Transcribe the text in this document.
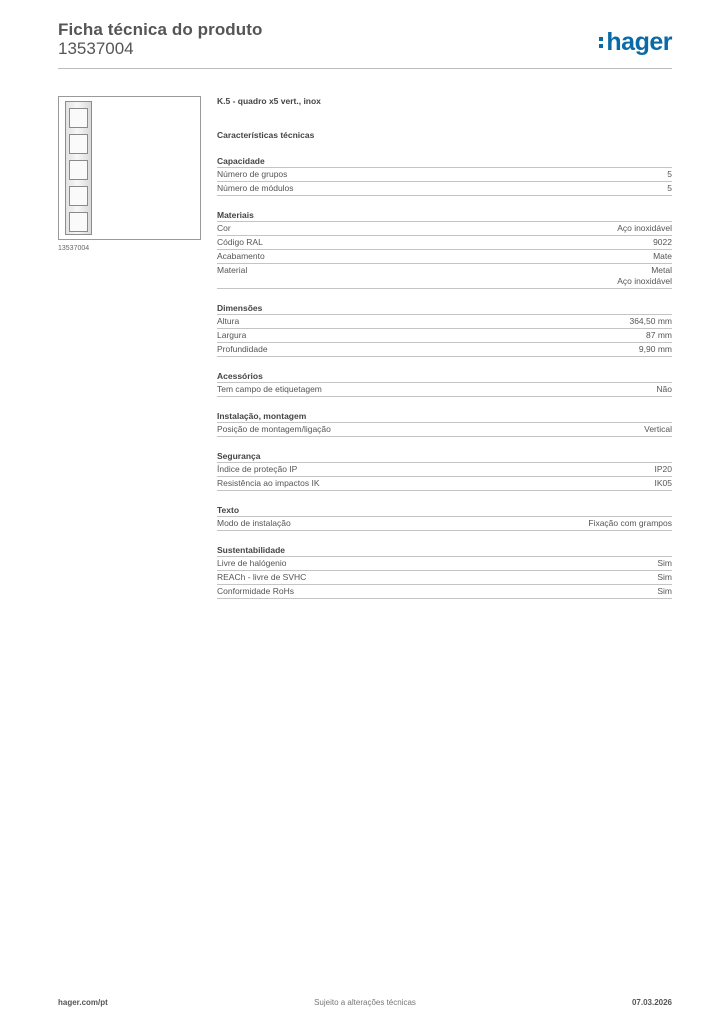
Ficha técnica do produto
13537004	hager
13537004
K.5 - quadro x5 vert., inox
Características técnicas
Capacidade
Número de grupos	5
Número de módulos	5
Materiais
Cor	Aço inoxidável
Código RAL	9022
Acabamento	Mate
Material	Metal
Aço inoxidável
Dimensões
Altura	364,50 mm
Largura	87 mm
Profundidade	9,90 mm
Acessórios
Tem campo de etiquetagem	Não
Instalação, montagem
Posição de montagem/ligação	Vertical
Segurança
Índice de proteção IP	IP20
Resistência ao impactos IK	IK05
Texto
Modo de instalação	Fixação com grampos
Sustentabilidade
Livre de halógenio	Sim
REACh - livre de SVHC	Sim
Conformidade RoHs	Sim
hager.com/pt	Sujeito a alterações técnicas	07.03.2026
